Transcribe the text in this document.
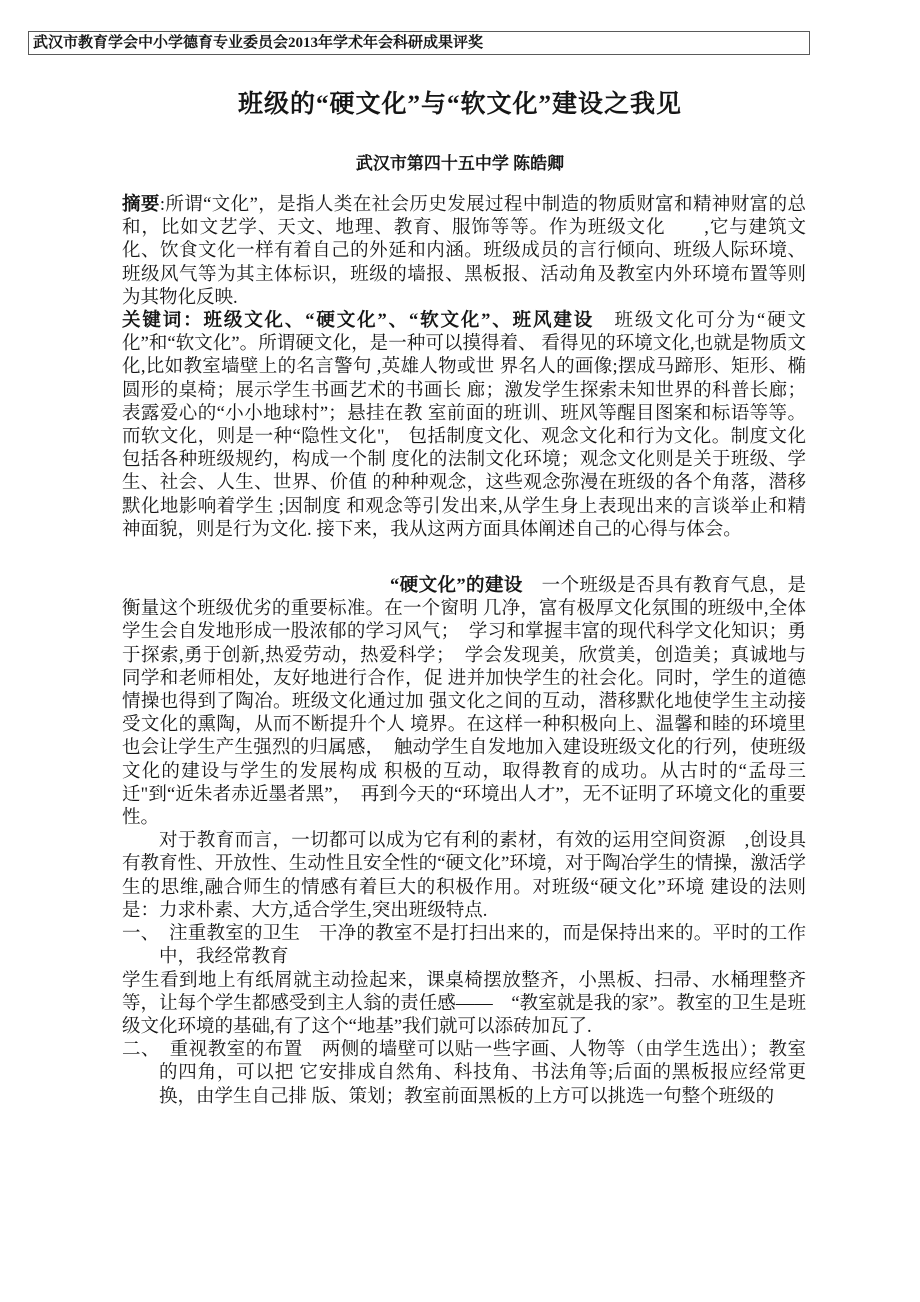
武汉市教育学会中小学德育专业委员会2013年学术年会科研成果评奖
班级的“硬文化”与“软文化”建设之我见
武汉市第四十五中学 陈皓卿

摘要:所谓“文化”，是指人类在社会历史发展过程中制造的物质财富和精神财富的总和，比如文艺学、天文、地理、教育、服饰等等。作为班级文化　　,它与建筑文化、饮食文化一样有着自己的外延和内涵。班级成员的言行倾向、班级人际环境、班级风气等为其主体标识，班级的墙报、黑板报、活动角及教室内外环境布置等则为其物化反映.

关键词：班级文化、“硬文化”、“软文化”、班风建设　班级文化可分为“硬文化”和“软文化”。所谓硬文化，是一种可以摸得着、 看得见的环境文化,也就是物质文化,比如教室墙壁上的名言警句 ,英雄人物或世 界名人的画像;摆成马蹄形、矩形、椭圆形的桌椅；展示学生书画艺术的书画长 廊；激发学生探索未知世界的科普长廊；表露爱心的“小小地球村”；悬挂在教 室前面的班训、班风等醒目图案和标语等等。而软文化，则是一种“隐性文化",　包括制度文化、观念文化和行为文化。制度文化包括各种班级规约，构成一个制 度化的法制文化环境；观念文化则是关于班级、学生、社会、人生、世界、价值 的种种观念，这些观念弥漫在班级的各个角落，潜移默化地影响着学生 ;因制度 和观念等引发出来,从学生身上表现出来的言谈举止和精神面貌，则是行为文化. 接下来，我从这两方面具体阐述自己的心得与体会。

“硬文化”的建设　一个班级是否具有教育气息，是衡量这个班级优劣的重要标准。在一个窗明 几净，富有极厚文化氛围的班级中,全体学生会自发地形成一股浓郁的学习风气；　学习和掌握丰富的现代科学文化知识；勇于探索,勇于创新,热爱劳动，热爱科学；　学会发现美，欣赏美，创造美；真诚地与同学和老师相处，友好地进行合作，促 进并加快学生的社会化。同时，学生的道德情操也得到了陶冶。班级文化通过加 强文化之间的互动，潜移默化地使学生主动接受文化的熏陶，从而不断提升个人 境界。在这样一种积极向上、温馨和睦的环境里也会让学生产生强烈的归属感，　触动学生自发地加入建设班级文化的行列，使班级文化的建设与学生的发展构成 积极的互动，取得教育的成功。从古时的“孟母三迁"到“近朱者赤近墨者黑”，　再到今天的“环境出人才”，无不证明了环境文化的重要性。

对于教育而言，一切都可以成为它有利的素材，有效的运用空间资源　,创设具有教育性、开放性、生动性且安全性的“硬文化”环境，对于陶冶学生的情操，激活学生的思维,融合师生的情感有着巨大的积极作用。对班级“硬文化”环境 建设的法则是：力求朴素、大方,适合学生,突出班级特点.

一、　注重教室的卫生　干净的教室不是打扫出来的，而是保持出来的。平时的工作中，我经常教育

学生看到地上有纸屑就主动捡起来，课桌椅摆放整齐，小黑板、扫帚、水桶理整齐等，让每个学生都感受到主人翁的责任感——　“教室就是我的家”。教室的卫生是班级文化环境的基础,有了这个“地基”我们就可以添砖加瓦了.

二、　重视教室的布置　两侧的墙壁可以贴一些字画、人物等（由学生选出）；教室的四角，可以把 它安排成自然角、科技角、书法角等;后面的黑板报应经常更换，由学生自己排 版、策划；教室前面黑板的上方可以挑选一句整个班级的
